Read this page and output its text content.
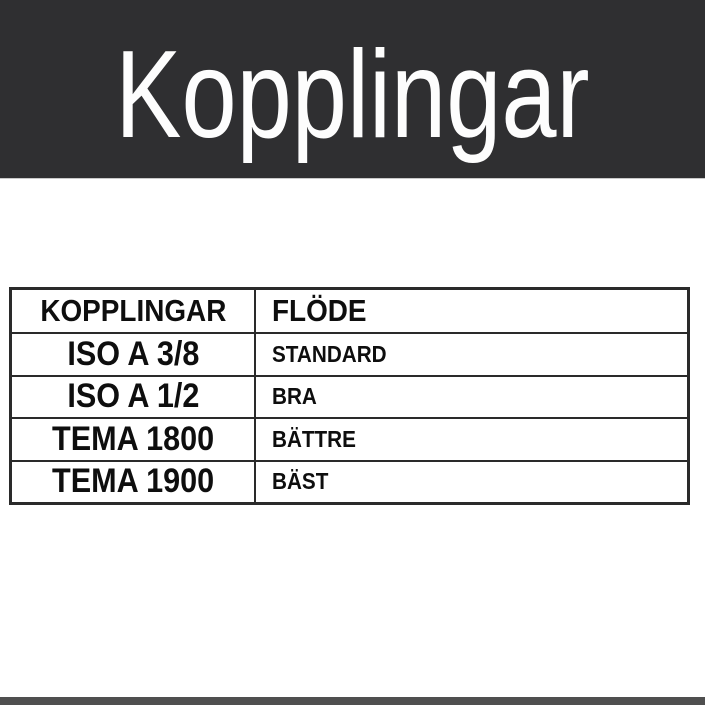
Kopplingar
KOPPLINGAR FLÖDE
ISO A 3/8	STANDARD
ISO A 1/2	BRA
TEMA 1800	BÄTTRE
TEMA 1900	BÄST
